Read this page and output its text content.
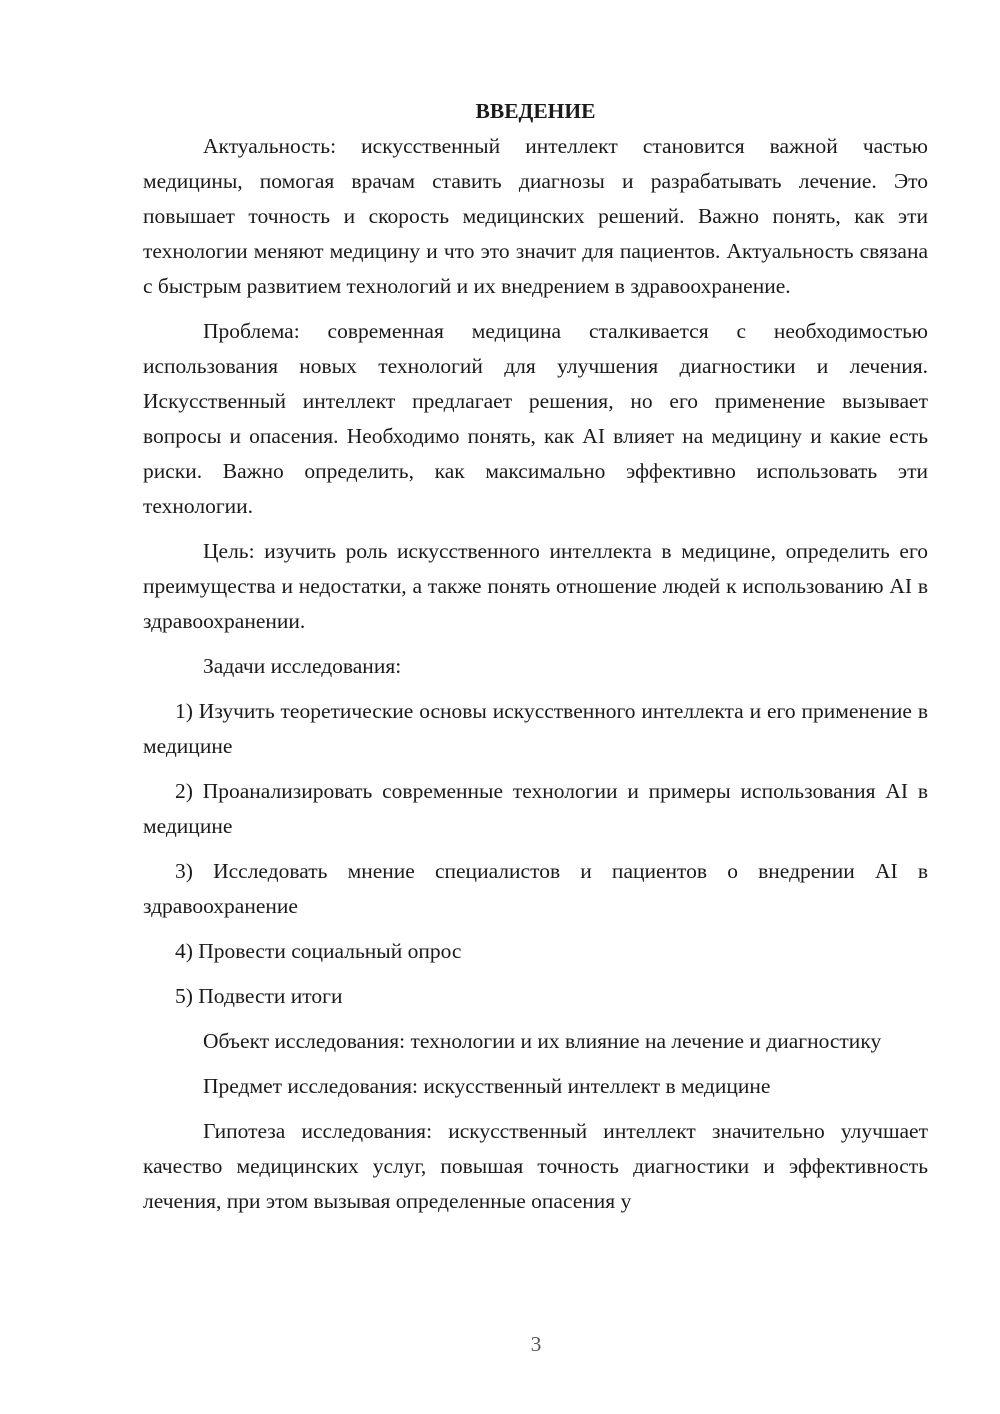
ВВЕДЕНИЕ

Актуальность: искусственный интеллект становится важной частью медицины, помогая врачам ставить диагнозы и разрабатывать лечение. Это повышает точность и скорость медицинских решений. Важно понять, как эти технологии меняют медицину и что это значит для пациентов. Актуальность связана с быстрым развитием технологий и их внедрением в здравоохранение.

Проблема: современная медицина сталкивается с необходимостью использования новых технологий для улучшения диагностики и лечения. Искусственный интеллект предлагает решения, но его применение вызывает вопросы и опасения. Необходимо понять, как AI влияет на медицину и какие есть риски. Важно определить, как максимально эффективно использовать эти технологии.

Цель: изучить роль искусственного интеллекта в медицине, определить его преимущества и недостатки, а также понять отношение людей к использованию AI в здравоохранении.

Задачи исследования:

1) Изучить теоретические основы искусственного интеллекта и его применение в медицине

2) Проанализировать современные технологии и примеры использования AI в медицине

3) Исследовать мнение специалистов и пациентов о внедрении AI в здравоохранение

4) Провести социальный опрос

5) Подвести итоги

Объект исследования: технологии и их влияние на лечение и диагностику

Предмет исследования: искусственный интеллект в медицине

Гипотеза исследования: искусственный интеллект значительно улучшает качество медицинских услуг, повышая точность диагностики и эффективность лечения, при этом вызывая определенные опасения у

3
